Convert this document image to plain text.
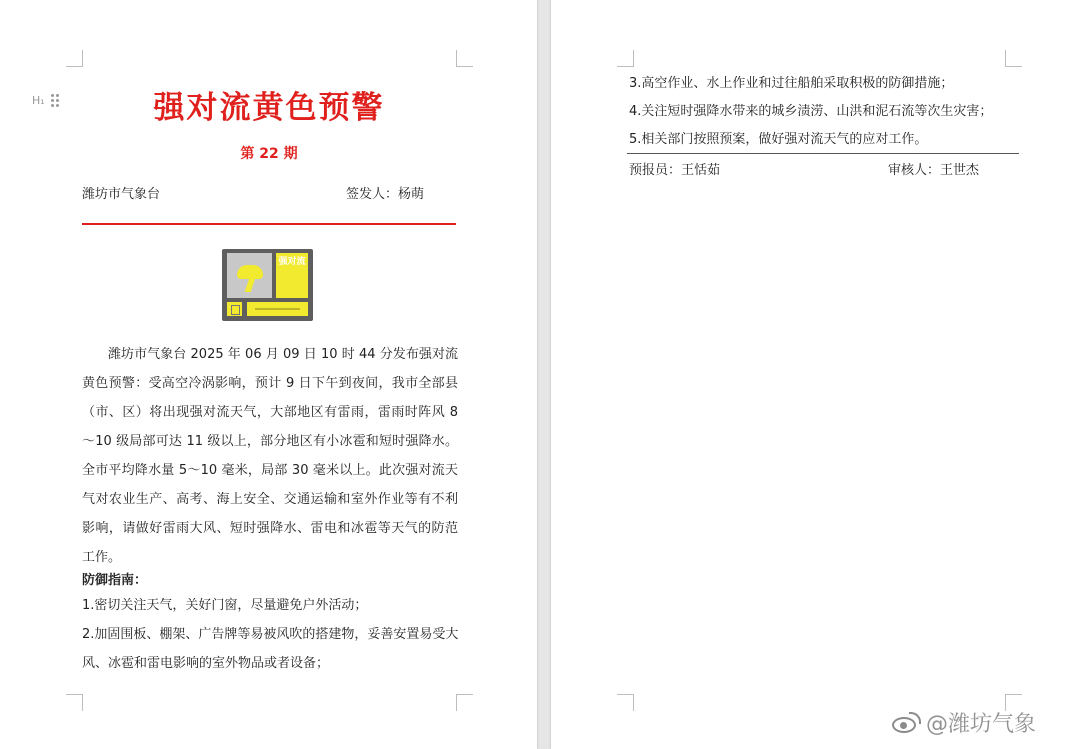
H₁	强对流黄色预警
第 22 期
潍坊市气象台	签发人：杨萌
强对流

潍坊市气象台 2025 年 06 月 09 日 10 时 44 分发布强对流黄色预警：受高空冷涡影响，预计 9 日下午到夜间，我市全部县（市、区）将出现强对流天气，大部地区有雷雨，雷雨时阵风 8～10 级局部可达 11 级以上，部分地区有小冰雹和短时强降水。全市平均降水量 5～10 毫米，局部 30 毫米以上。此次强对流天气对农业生产、高考、海上安全、交通运输和室外作业等有不利影响，请做好雷雨大风、短时强降水、雷电和冰雹等天气的防范工作。

防御指南：

1.密切关注天气，关好门窗，尽量避免户外活动；

2.加固围板、棚架、广告牌等易被风吹的搭建物，妥善安置易受大风、冰雹和雷电影响的室外物品或者设备；

3.高空作业、水上作业和过往船舶采取积极的防御措施；

4.关注短时强降水带来的城乡渍涝、山洪和泥石流等次生灾害；

5.相关部门按照预案，做好强对流天气的应对工作。

预报员：王恬茹	审核人：王世杰
@潍坊气象
